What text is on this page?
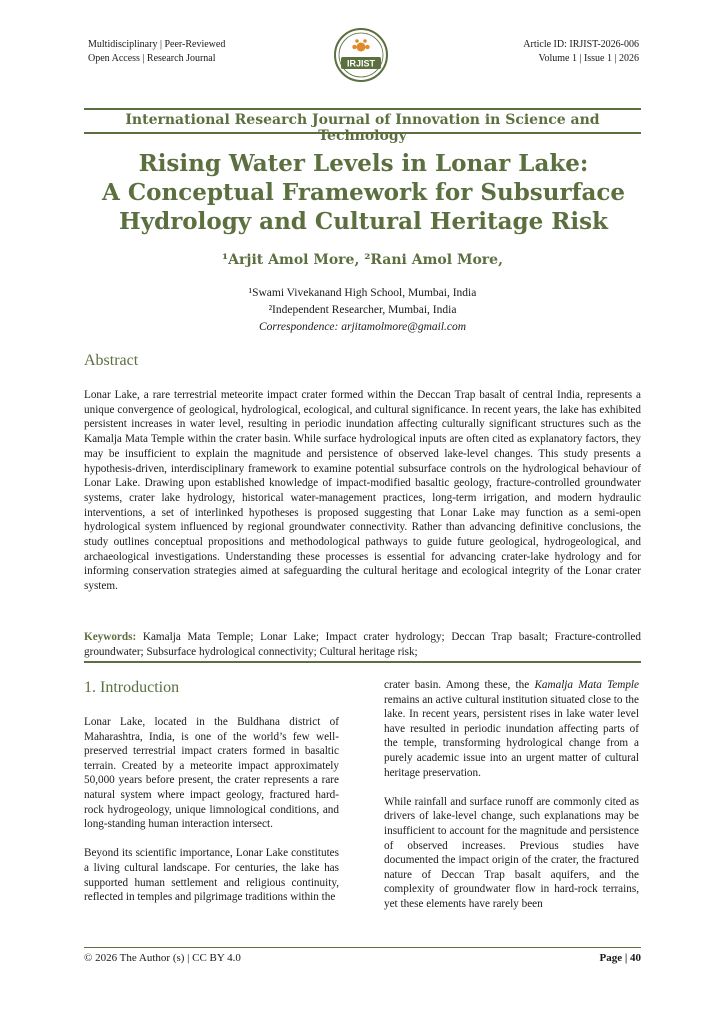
Multidisciplinary | Peer-Reviewed
Open Access | Research Journal	IRJIST
Article ID: IRJIST-2026-006
Volume 1 | Issue 1 | 2026
International Research Journal of Innovation in Science and Technology
Rising Water Levels in Lonar Lake:
A Conceptual Framework for Subsurface
Hydrology and Cultural Heritage Risk
¹Arjit Amol More, ²Rani Amol More,
¹Swami Vivekanand High School, Mumbai, India
²Independent Researcher, Mumbai, India
Correspondence: arjitamolmore@gmail.com
Abstract
Lonar Lake, a rare terrestrial meteorite impact crater formed within the Deccan Trap basalt of central India, represents a unique convergence of geological, hydrological, ecological, and cultural significance. In recent years, the lake has exhibited persistent increases in water level, resulting in periodic inundation affecting culturally significant structures such as the Kamalja Mata Temple within the crater basin. While surface hydrological inputs are often cited as explanatory factors, they may be insufficient to explain the magnitude and persistence of observed lake-level changes. This study presents a hypothesis-driven, interdisciplinary framework to examine potential subsurface controls on the hydrological behaviour of Lonar Lake. Drawing upon established knowledge of impact-modified basaltic geology, fracture-controlled groundwater systems, crater lake hydrology, historical water-management practices, long-term irrigation, and modern hydraulic interventions, a set of interlinked hypotheses is proposed suggesting that Lonar Lake may function as a semi-open hydrological system influenced by regional groundwater connectivity. Rather than advancing definitive conclusions, the study outlines conceptual propositions and methodological pathways to guide future geological, hydrogeological, and archaeological investigations. Understanding these processes is essential for advancing crater-lake hydrology and for informing conservation strategies aimed at safeguarding the cultural heritage and ecological integrity of the Lonar crater system.
Keywords: Kamalja Mata Temple; Lonar Lake; Impact crater hydrology; Deccan Trap basalt; Fracture-controlled groundwater; Subsurface hydrological connectivity; Cultural heritage risk;
1. Introduction

Lonar Lake, located in the Buldhana district of Maharashtra, India, is one of the world’s few well-preserved terrestrial impact craters formed in basaltic terrain. Created by a meteorite impact approximately 50,000 years before present, the crater represents a rare natural system where impact geology, fractured hard-rock hydrogeology, unique limnological conditions, and long-standing human interaction intersect.

Beyond its scientific importance, Lonar Lake constitutes a living cultural landscape. For centuries, the lake has supported human settlement and religious continuity, reflected in temples and pilgrimage traditions within the

crater basin. Among these, the Kamalja Mata Temple remains an active cultural institution situated close to the lake. In recent years, persistent rises in lake water level have resulted in periodic inundation affecting parts of the temple, transforming hydrological change from a purely academic issue into an urgent matter of cultural heritage preservation.

While rainfall and surface runoff are commonly cited as drivers of lake-level change, such explanations may be insufficient to account for the magnitude and persistence of observed increases. Previous studies have documented the impact origin of the crater, the fractured nature of Deccan Trap basalt aquifers, and the complexity of groundwater flow in hard-rock terrains, yet these elements have rarely been

© 2026 The Author (s) | CC BY 4.0	Page | 40
